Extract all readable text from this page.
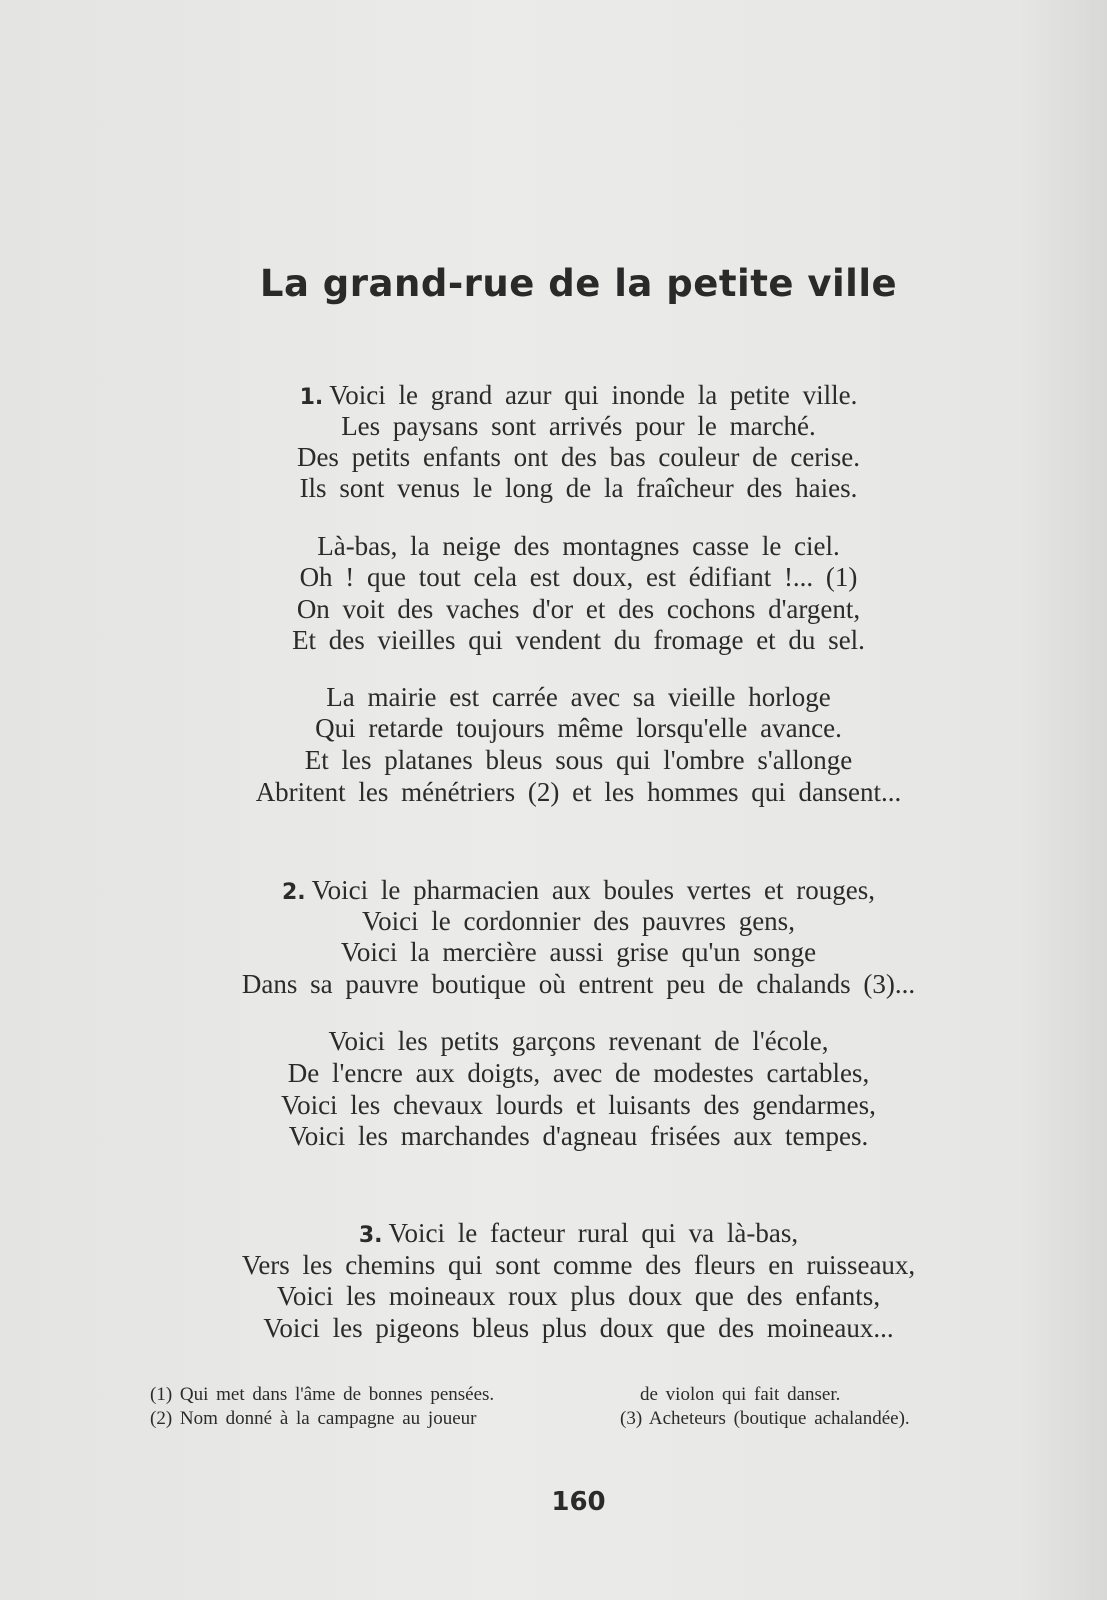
La grand-rue de la petite ville
1. Voici le grand azur qui inonde la petite ville.
Les paysans sont arrivés pour le marché.
Des petits enfants ont des bas couleur de cerise.
Ils sont venus le long de la fraîcheur des haies.
Là-bas, la neige des montagnes casse le ciel.
Oh ! que tout cela est doux, est édifiant !... (1)
On voit des vaches d'or et des cochons d'argent,
Et des vieilles qui vendent du fromage et du sel.
La mairie est carrée avec sa vieille horloge
Qui retarde toujours même lorsqu'elle avance.
Et les platanes bleus sous qui l'ombre s'allonge
Abritent les ménétriers (2) et les hommes qui dansent...
2. Voici le pharmacien aux boules vertes et rouges,
Voici le cordonnier des pauvres gens,
Voici la mercière aussi grise qu'un songe
Dans sa pauvre boutique où entrent peu de chalands (3)...
Voici les petits garçons revenant de l'école,
De l'encre aux doigts, avec de modestes cartables,
Voici les chevaux lourds et luisants des gendarmes,
Voici les marchandes d'agneau frisées aux tempes.
3. Voici le facteur rural qui va là-bas,
Vers les chemins qui sont comme des fleurs en ruisseaux,
Voici les moineaux roux plus doux que des enfants,
Voici les pigeons bleus plus doux que des moineaux...
(1) Qui met dans l'âme de bonnes pensées.
(2) Nom donné à la campagne au joueur
de violon qui fait danser.
(3) Acheteurs (boutique achalandée).
160
